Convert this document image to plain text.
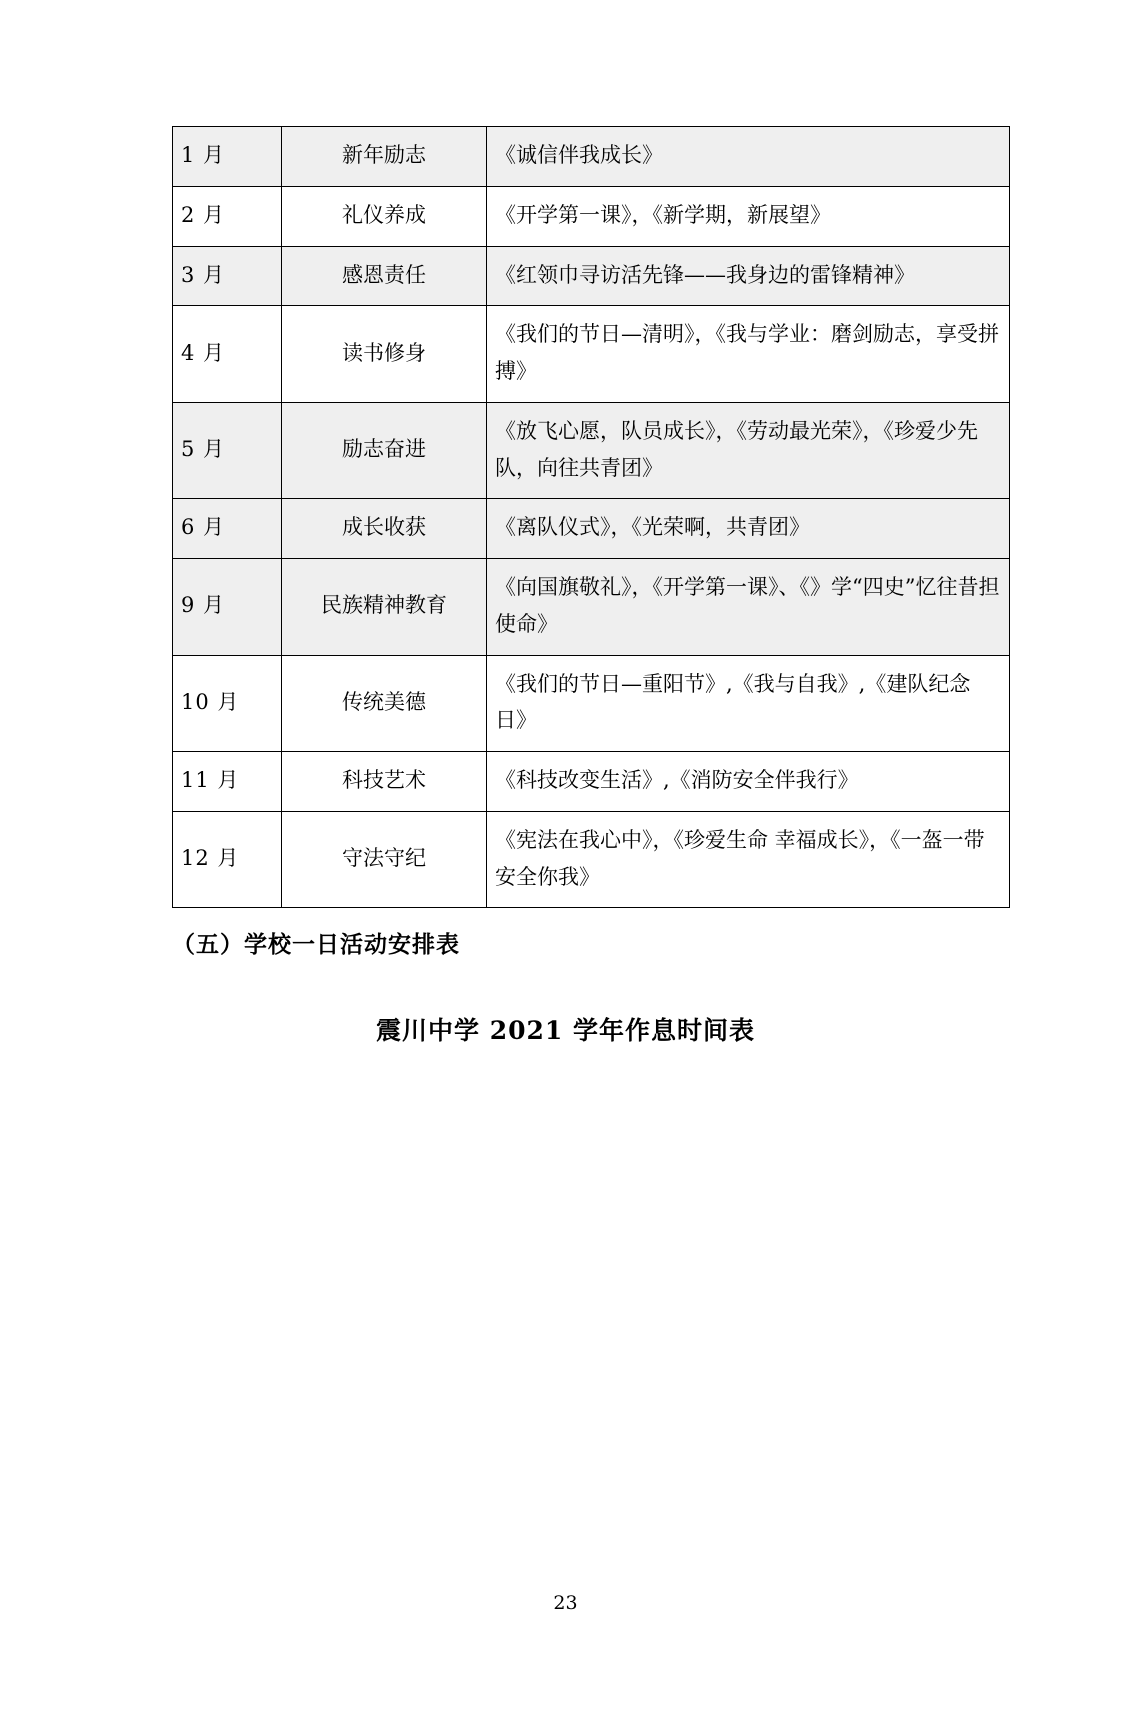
1 月	新年励志	《诚信伴我成长》
2 月	礼仪养成	《开学第一课》，《新学期，新展望》
3 月	感恩责任	《红领巾寻访活先锋——我身边的雷锋精神》
4 月	读书修身	《我们的节日—清明》，《我与学业：磨剑励志，享受拼搏》
5 月	励志奋进	《放飞心愿，队员成长》，《劳动最光荣》，《珍爱少先队，向往共青团》
6 月	成长收获	《离队仪式》，《光荣啊，共青团》
9 月	民族精神教育	《向国旗敬礼》，《开学第一课》、《》学“四史”忆往昔担使命》
10 月	传统美德	《我们的节日—重阳节》,《我与自我》,《建队纪念日》
11 月	科技艺术	《科技改变生活》,《消防安全伴我行》
12 月	守法守纪	《宪法在我心中》，《珍爱生命 幸福成长》，《一盔一带安全你我》
（五）学校一日活动安排表
震川中学 2021 学年作息时间表
23
